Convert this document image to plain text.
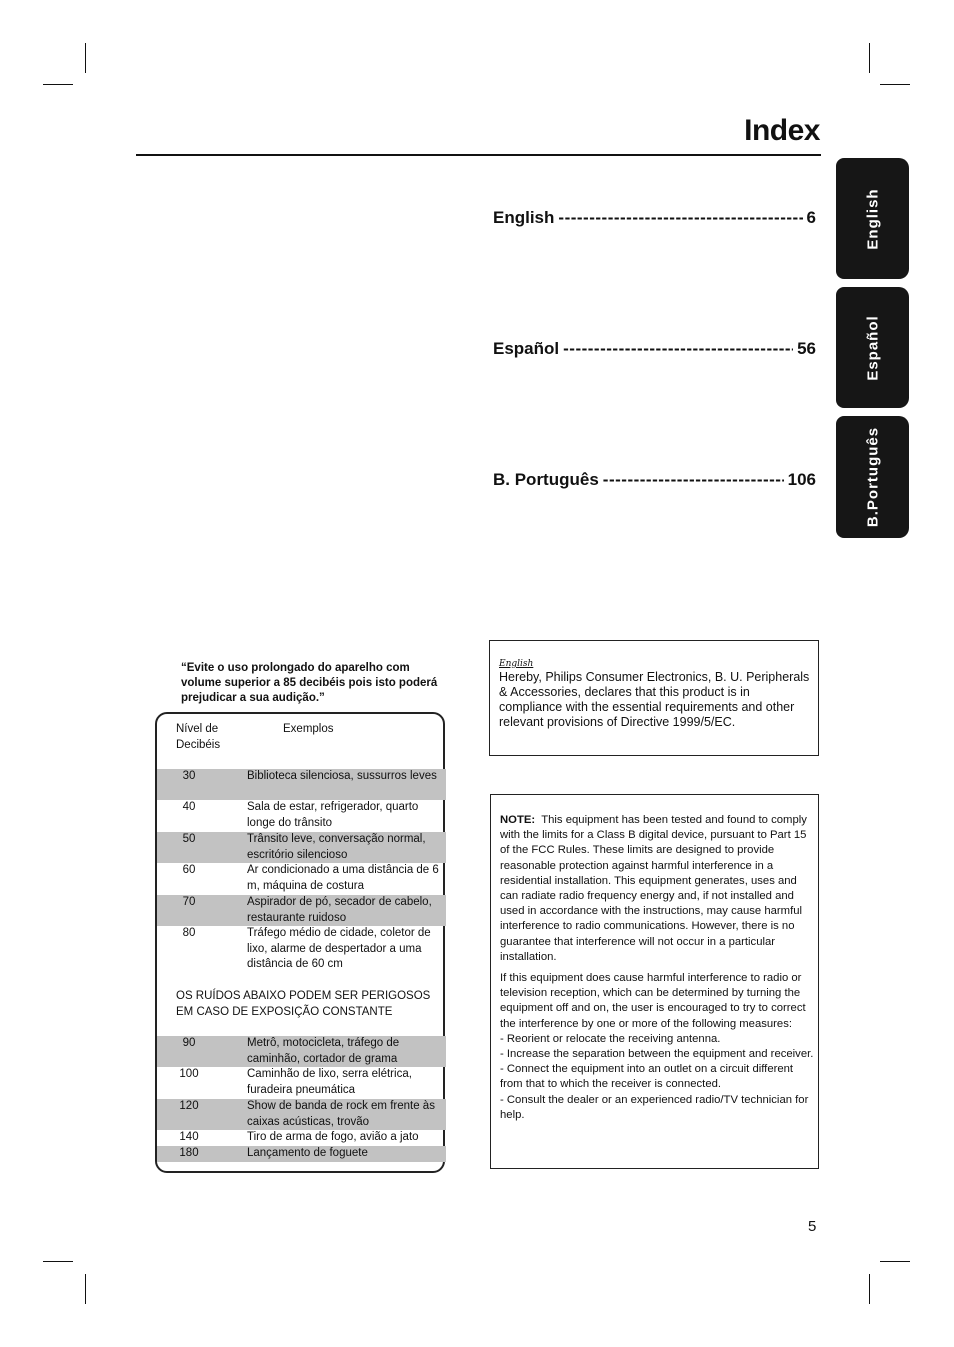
Index
English -----	6
Español -----	56
B. Português -----	106
English
Español
B.Português
“Evite o uso prolongado do aparelho com volume superior a 85 decibéis pois isto poderá prejudicar a sua audição.”
Nível de Decibéis
Exemplos
30	Biblioteca silenciosa, sussurros leves
40	Sala de estar, refrigerador, quarto longe do trânsito
50	Trânsito leve, conversação normal, escritório silencioso
60	Ar condicionado a uma distância de 6 m, máquina de costura
70	Aspirador de pó, secador de cabelo, restaurante ruidoso
80	Tráfego médio de cidade, coletor de lixo, alarme de despertador a uma distância de 60 cm
OS RUÍDOS ABAIXO PODEM SER PERIGOSOS EM CASO DE EXPOSIÇÃO CONSTANTE
90	Metrô, motocicleta, tráfego de caminhão, cortador de grama
100	Caminhão de lixo, serra elétrica, furadeira pneumática
120	Show de banda de rock em frente às caixas acústicas, trovão
140	Tiro de arma de fogo, avião a jato
180	Lançamento de foguete
English
Hereby, Philips Consumer Electronics, B. U. Peripherals & Accessories, declares that this product is in compliance with the essential requirements and other relevant provisions of Directive 1999/5/EC.

NOTE: This equipment has been tested and found to comply with the limits for a Class B digital device, pursuant to Part 15 of the FCC Rules. These limits are designed to provide reasonable protection against harmful interference in a residential installation. This equipment generates, uses and can radiate radio frequency energy and, if not installed and used in accordance with the instructions, may cause harmful interference to radio communications. However, there is no guarantee that interference will not occur in a particular installation.

If this equipment does cause harmful interference to radio or television reception, which can be determined by turning the equipment off and on, the user is encouraged to try to correct the interference by one or more of the following measures:

- Reorient or relocate the receiving antenna.
- Increase the separation between the equipment and receiver.
- Connect the equipment into an outlet on a circuit different from that to which the receiver is connected.
- Consult the dealer or an experienced radio/TV technician for help.
5
